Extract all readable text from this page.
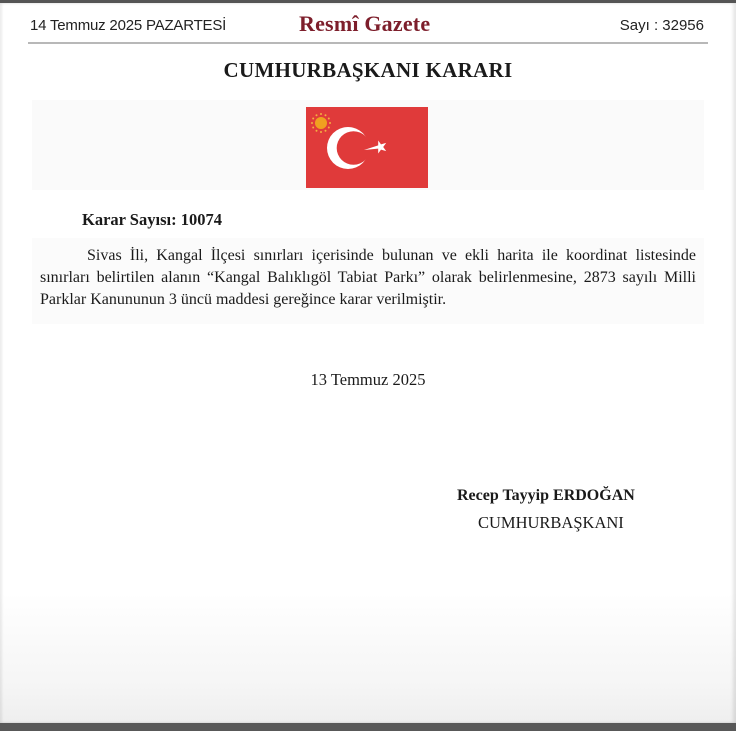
14 Temmuz 2025 PAZARTESİ	Resmî Gazete	Sayı : 32956
CUMHURBAŞKANI KARARI
Karar Sayısı: 10074
Sivas İli, Kangal İlçesi sınırları içerisinde bulunan ve ekli harita ile koordinat listesinde sınırları belirtilen alanın “Kangal Balıklıgöl Tabiat Parkı” olarak belirlenmesine, 2873 sayılı Milli Parklar Kanununun 3 üncü maddesi gereğince karar verilmiştir.
13 Temmuz 2025
Recep Tayyip ERDOĞAN
CUMHURBAŞKANI
